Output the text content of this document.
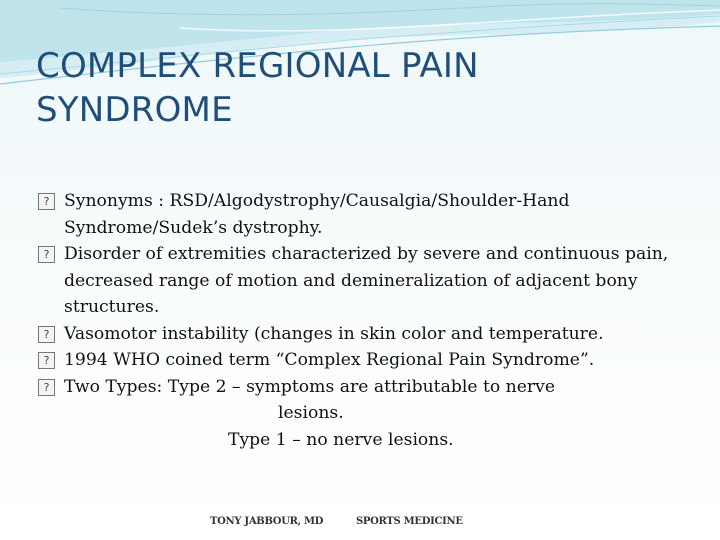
COMPLEX REGIONAL PAIN
SYNDROME
? Synonyms : RSD/Algodystrophy/Causalgia/Shoulder-Hand Syndrome/Sudek’s dystrophy.
? Disorder of extremities characterized by severe and continuous pain, decreased range of motion and demineralization of adjacent bony structures.
? Vasomotor instability (changes in skin color and temperature.
? 1994 WHO coined term “Complex Regional Pain Syndrome”.
? Two Types: Type 2 – symptoms are attributable to nerve
lesions.
Type 1 – no nerve lesions.
TONY JABBOUR, MD	SPORTS MEDICINE
